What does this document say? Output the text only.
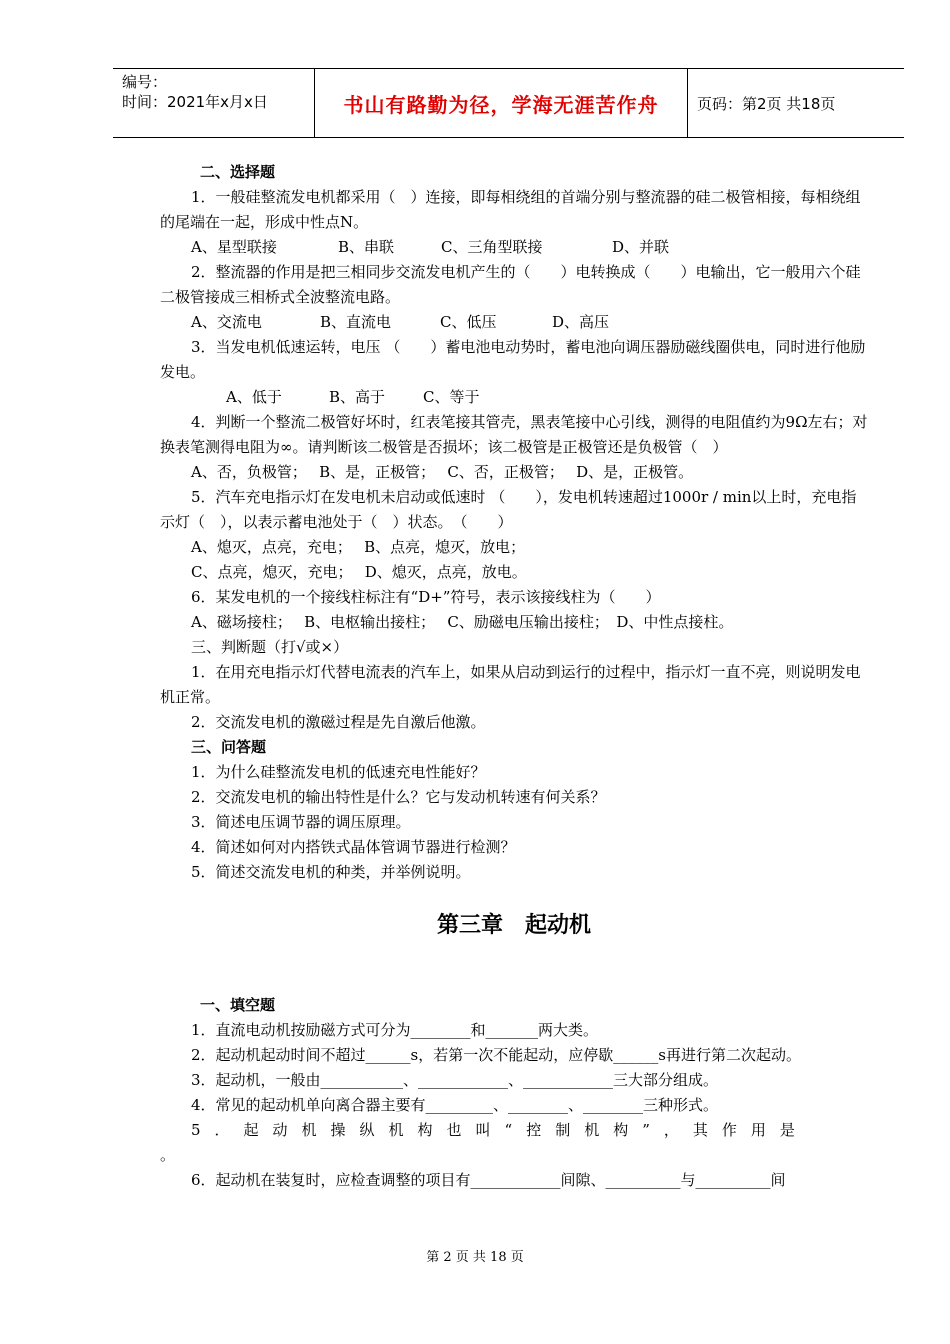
编号：
时间：2021年x月x日	书山有路勤为径，学海无涯苦作舟	页码：第2页 共18页

二、选择题

1．一般硅整流发电机都采用（　）连接，即每相绕组的首端分别与整流器的硅二极管相接，每相绕组的尾端在一起，形成中性点N。

A、星型联接	B、串联	C、三角型联接	D、并联

2．整流器的作用是把三相同步交流发电机产生的（　　）电转换成（　　）电输出，它一般用六个硅二极管接成三相桥式全波整流电路。

A、交流电	B、直流电	C、低压	D、高压

3．当发电机低速运转，电压 （　　）蓄电池电动势时，蓄电池向调压器励磁线圈供电，同时进行他励发电。

A、低于	B、高于	C、等于

4．判断一个整流二极管好坏时，红表笔接其管壳，黑表笔接中心引线，测得的电阻值约为9Ω左右；对换表笔测得电阻为∞。请判断该二极管是否损坏；该二极管是正极管还是负极管（　）

A、否，负极管；　 B、是，正极管；　 C、否，正极管；　 D、是，正极管。

5．汽车充电指示灯在发电机未启动或低速时 （　　），发电机转速超过1000r / min以上时，充电指示灯（　），以表示蓄电池处于（　）状态。　（　　）

A、熄灭，点亮，充电；　 B、点亮，熄灭，放电；

C、点亮，熄灭，充电；　 D、熄灭，点亮，放电。

6．某发电机的一个接线柱标注有“D+”符号，表示该接线柱为（　　）

A、磁场接柱；　 B、电枢输出接柱；　 C、励磁电压输出接柱；　D、中性点接柱。

三、判断题（打√或×）

1．在用充电指示灯代替电流表的汽车上，如果从启动到运行的过程中，指示灯一直不亮，则说明发电机正常。

2．交流发电机的激磁过程是先自激后他激。

三、问答题

1．为什么硅整流发电机的低速充电性能好？

2．交流发电机的输出特性是什么？它与发动机转速有何关系？

3．简述电压调节器的调压原理。

4．简述如何对内搭铁式晶体管调节器进行检测？

5．简述交流发电机的种类，并举例说明。

第三章　起动机

一、填空题

1．直流电动机按励磁方式可分为________和_______两大类。

2．起动机起动时间不超过______s，若第一次不能起动，应停歇______s再进行第二次起动。

3．起动机，一般由___________、____________、____________三大部分组成。

4．常见的起动机单向离合器主要有_________、________、________三种形式。

5．起动机操纵机构也叫“控制机构”，其作用是

。

6．起动机在装复时，应检查调整的项目有____________间隙、__________与__________间

第 2 页 共 18 页
